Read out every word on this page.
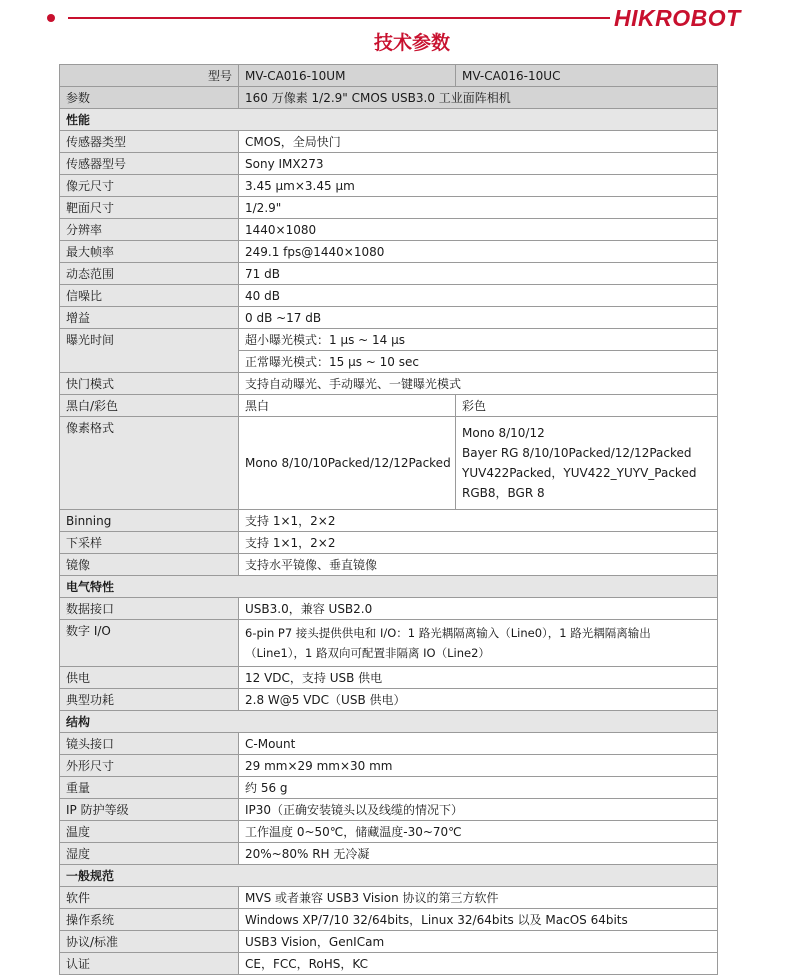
HIKROBOT
技术参数
型号	MV-CA016-10UM	MV-CA016-10UC
参数	160 万像素 1/2.9" CMOS USB3.0 工业面阵相机	
性能		
传感器类型	CMOS，全局快门	
传感器型号	Sony IMX273	
像元尺寸	3.45 µm×3.45 µm	
靶面尺寸	1/2.9"	
分辨率	1440×1080	
最大帧率	249.1 fps@1440×1080	
动态范围	71 dB	
信噪比	40 dB	
增益	0 dB ~17 dB	
曝光时间	超小曝光模式：1 µs ~ 14 µs	
	正常曝光模式：15 µs ~ 10 sec	
快门模式	支持自动曝光、手动曝光、一键曝光模式	
黑白/彩色	黑白	彩色
像素格式	Mono 8/10/10Packed/12/12Packed	Mono 8/10/12
Bayer RG 8/10/10Packed/12/12Packed
YUV422Packed，YUV422_YUYV_Packed
RGB8，BGR 8

Binning	支持 1×1，2×2	
下采样	支持 1×1，2×2	
镜像	支持水平镜像、垂直镜像	
电气特性		
数据接口	USB3.0，兼容 USB2.0	
数字 I/O	6-pin P7 接头提供供电和 I/O：1 路光耦隔离输入（Line0），1 路光耦隔离输出
（Line1），1 路双向可配置非隔离 IO（Line2）	

供电	12 VDC，支持 USB 供电	
典型功耗	2.8 W@5 VDC（USB 供电）	
结构		
镜头接口	C-Mount	
外形尺寸	29 mm×29 mm×30 mm	
重量	约 56 g	
IP 防护等级	IP30（正确安装镜头以及线缆的情况下）	
温度	工作温度 0~50℃，储藏温度-30~70℃	
湿度	20%~80% RH 无冷凝	
一般规范		
软件	MVS 或者兼容 USB3 Vision 协议的第三方软件	
操作系统	Windows XP/7/10 32/64bits，Linux 32/64bits 以及 MacOS 64bits	
协议/标准	USB3 Vision，GenICam	
认证	CE，FCC，RoHS，KC	
